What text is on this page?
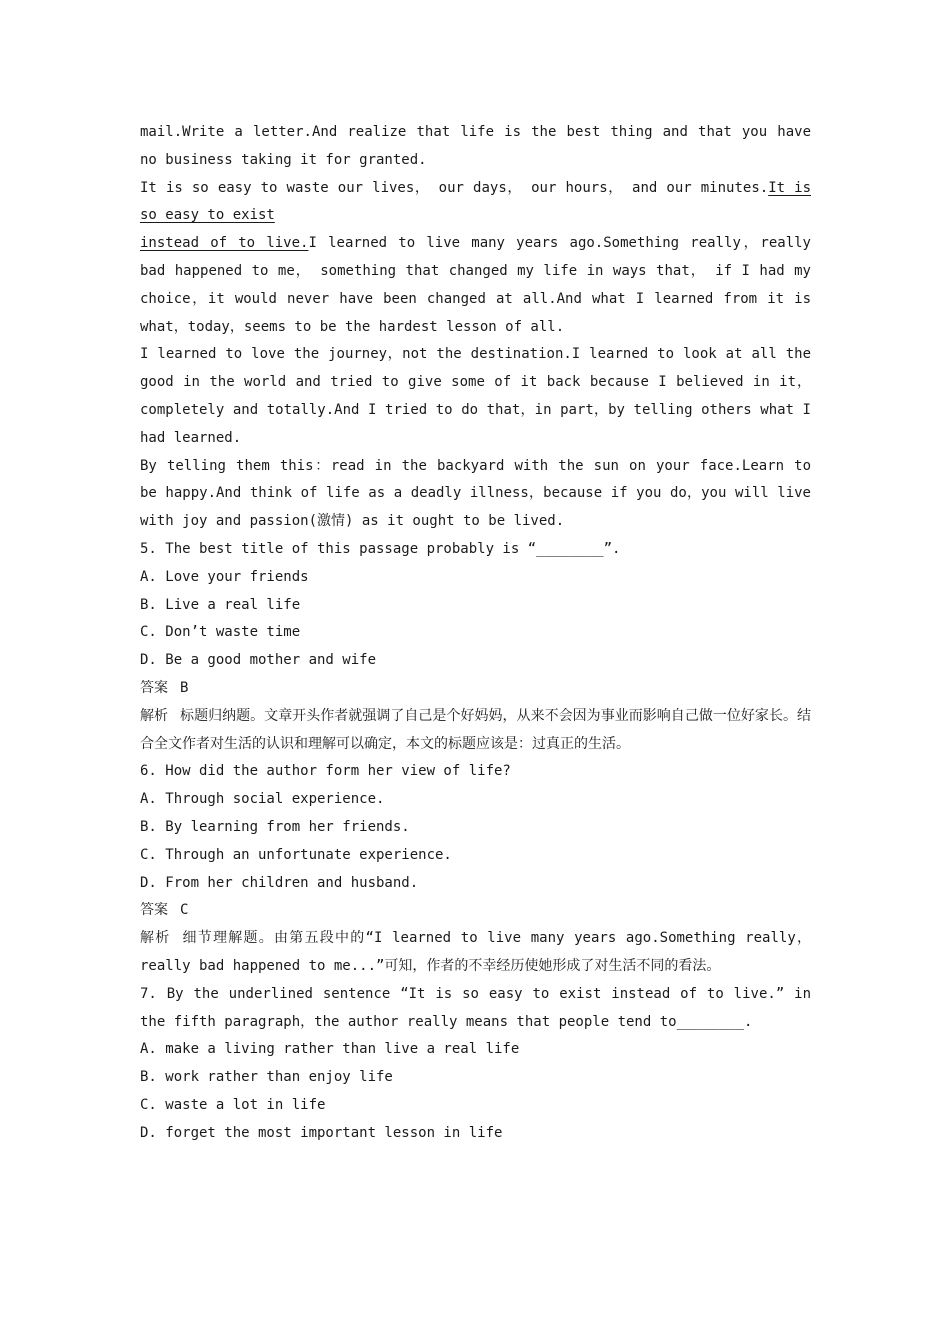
mail.Write a letter.And realize that life is the best thing and that you have no business taking it for granted.

It is so easy to waste our lives， our days， our hours， and our minutes.It is so easy to exist

instead of to live.I learned to live many years ago.Something really，really bad happened to me， something that changed my life in ways that， if I had my choice，it would never have been changed at all.And what I learned from it is what，today，seems to be the hardest lesson of all.

I learned to love the journey，not the destination.I learned to look at all the good in the world and tried to give some of it back because I believed in it，completely and totally.And I tried to do that，in part，by telling others what I had learned.

By telling them this：read in the backyard with the sun on your face.Learn to be happy.And think of life as a deadly illness，because if you do，you will live with joy and passion(激情) as it ought to be lived.

5. The best title of this passage probably is “________”.

A. Love your friends

B. Live a real life

C. Don’t waste time

D. Be a good mother and wife

答案 B

解析 标题归纳题。文章开头作者就强调了自己是个好妈妈，从来不会因为事业而影响自己做一位好家长。结合全文作者对生活的认识和理解可以确定，本文的标题应该是：过真正的生活。

6. How did the author form her view of life?

A. Through social experience.

B. By learning from her friends.

C. Through an unfortunate experience.

D. From her children and husband.

答案 C

解析 细节理解题。由第五段中的“I learned to live many years ago.Something really，really bad happened to me...”可知，作者的不幸经历使她形成了对生活不同的看法。

7. By the underlined sentence “It is so easy to exist instead of to live.” in the fifth paragraph，the author really means that people tend to________.

A. make a living rather than live a real life

B. work rather than enjoy life

C. waste a lot in life

D. forget the most important lesson in life
